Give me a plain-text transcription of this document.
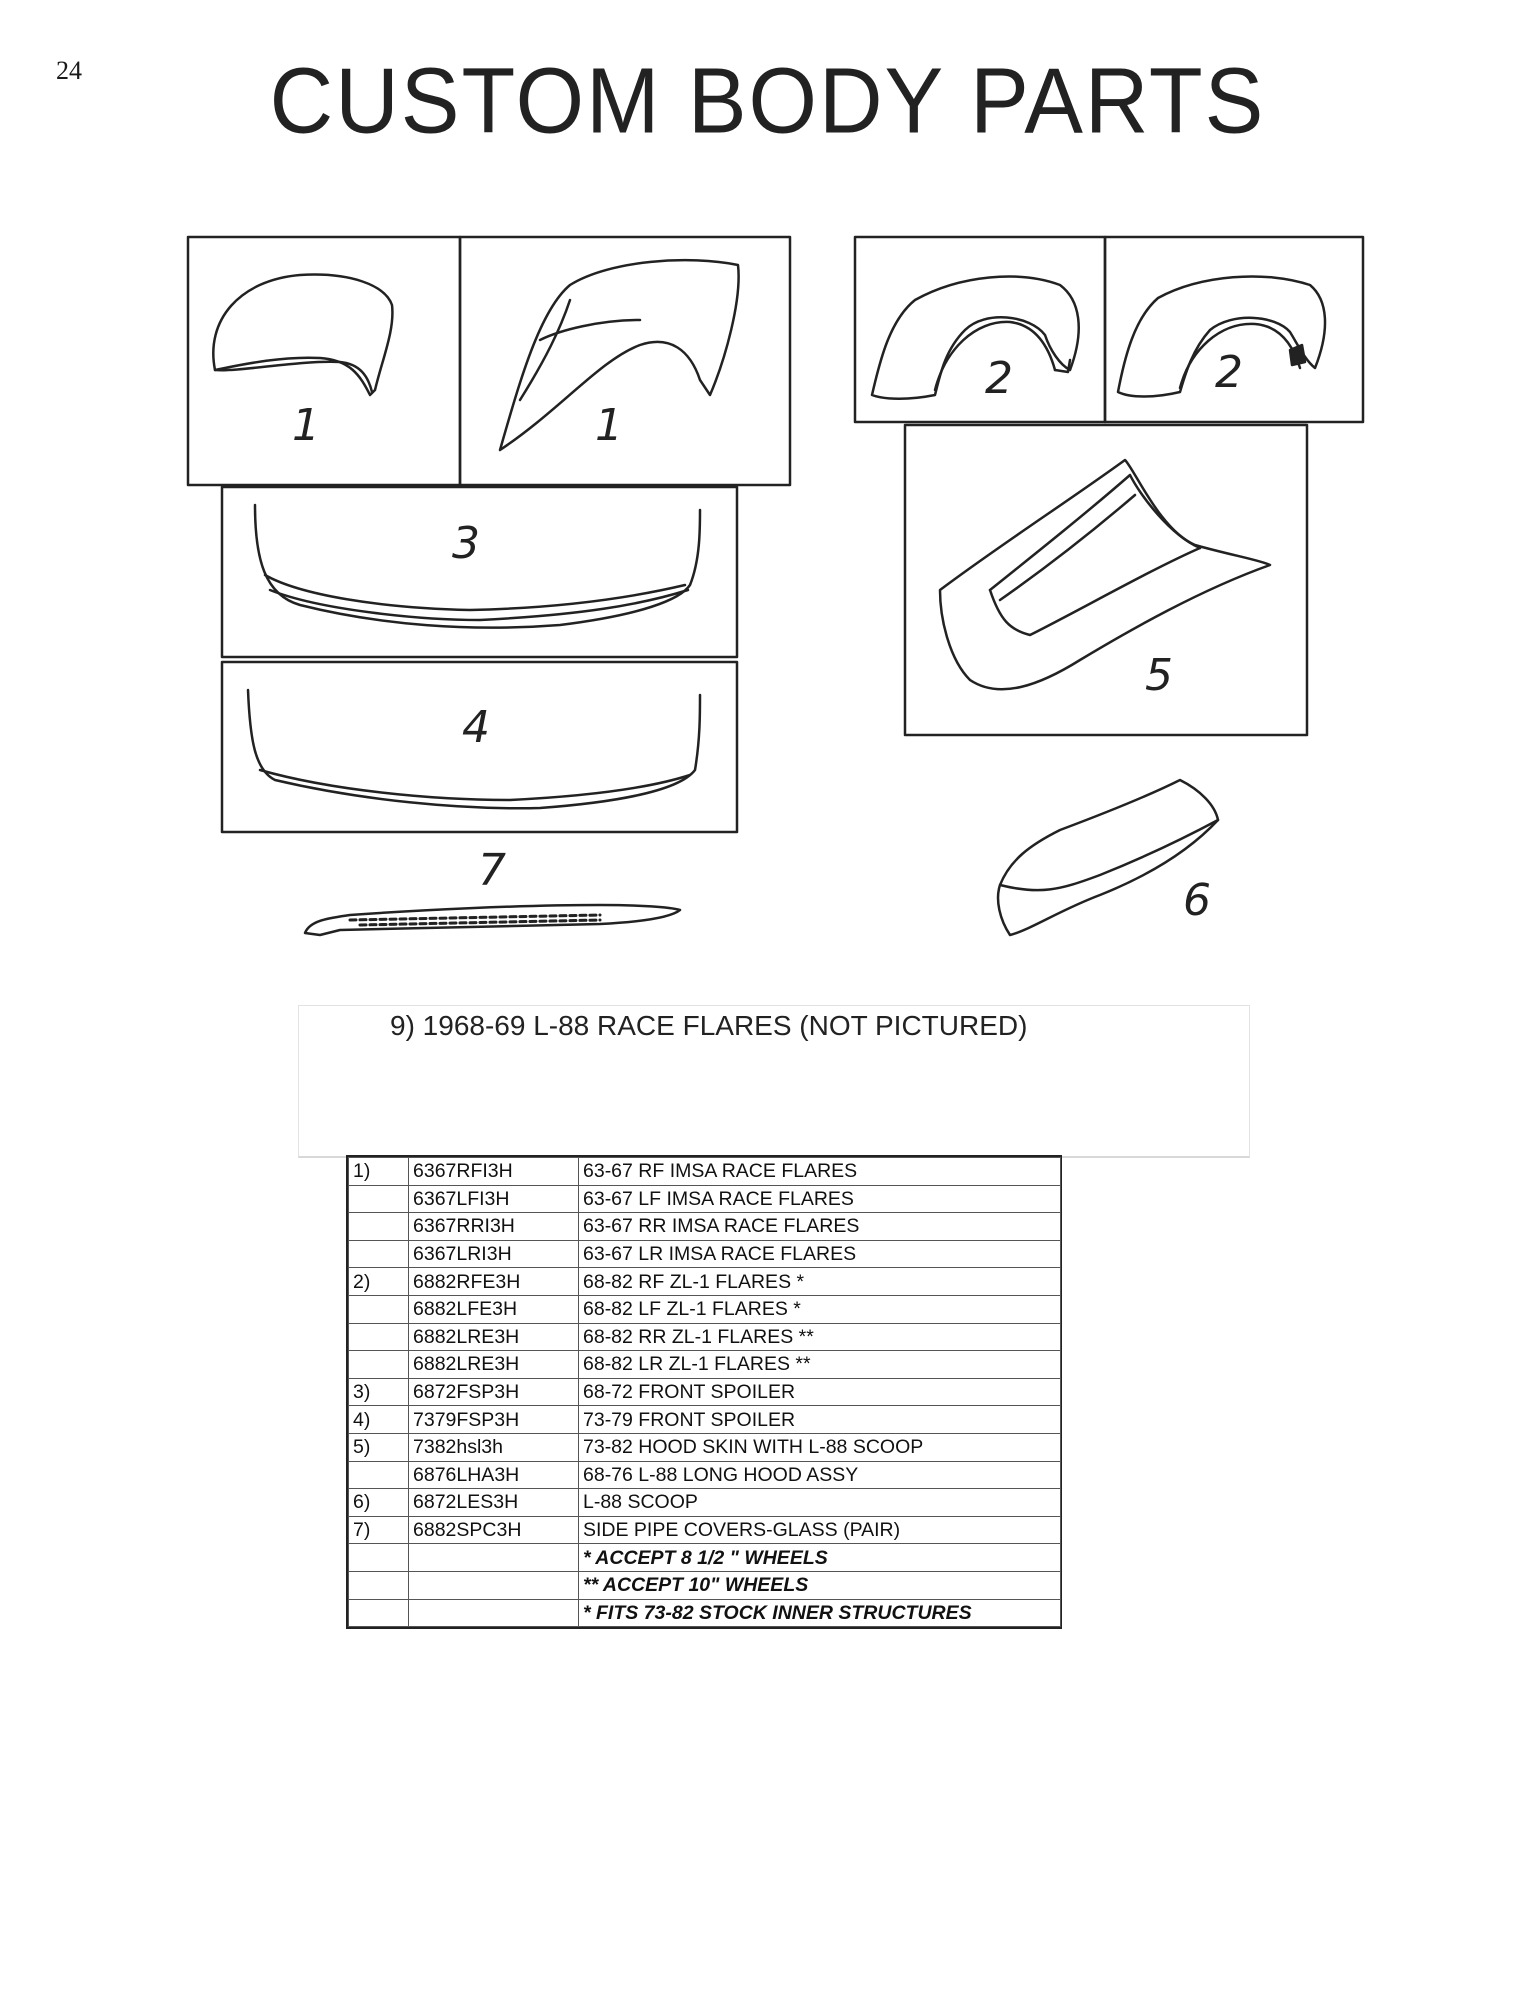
24	CUSTOM BODY PARTS
1	1
2	2
3
4
5
6
7
9) 1968-69 L-88 RACE FLARES (NOT PICTURED)
1)	6367RFI3H	63-67 RF IMSA RACE FLARES
	6367LFI3H	63-67 LF IMSA RACE FLARES
	6367RRI3H	63-67 RR IMSA RACE FLARES
	6367LRI3H	63-67 LR IMSA RACE FLARES
2)	6882RFE3H	68-82 RF ZL-1 FLARES *
	6882LFE3H	68-82 LF ZL-1 FLARES *
	6882LRE3H	68-82 RR ZL-1 FLARES **
	6882LRE3H	68-82 LR ZL-1 FLARES **
3)	6872FSP3H	68-72 FRONT SPOILER
4)	7379FSP3H	73-79 FRONT SPOILER
5)	7382hsl3h	73-82 HOOD SKIN WITH L-88 SCOOP
	6876LHA3H	68-76 L-88 LONG HOOD ASSY
6)	6872LES3H	L-88 SCOOP
7)	6882SPC3H	SIDE PIPE COVERS-GLASS (PAIR)
		* ACCEPT 8 1/2 " WHEELS
		** ACCEPT 10" WHEELS
		* FITS 73-82 STOCK INNER STRUCTURES
